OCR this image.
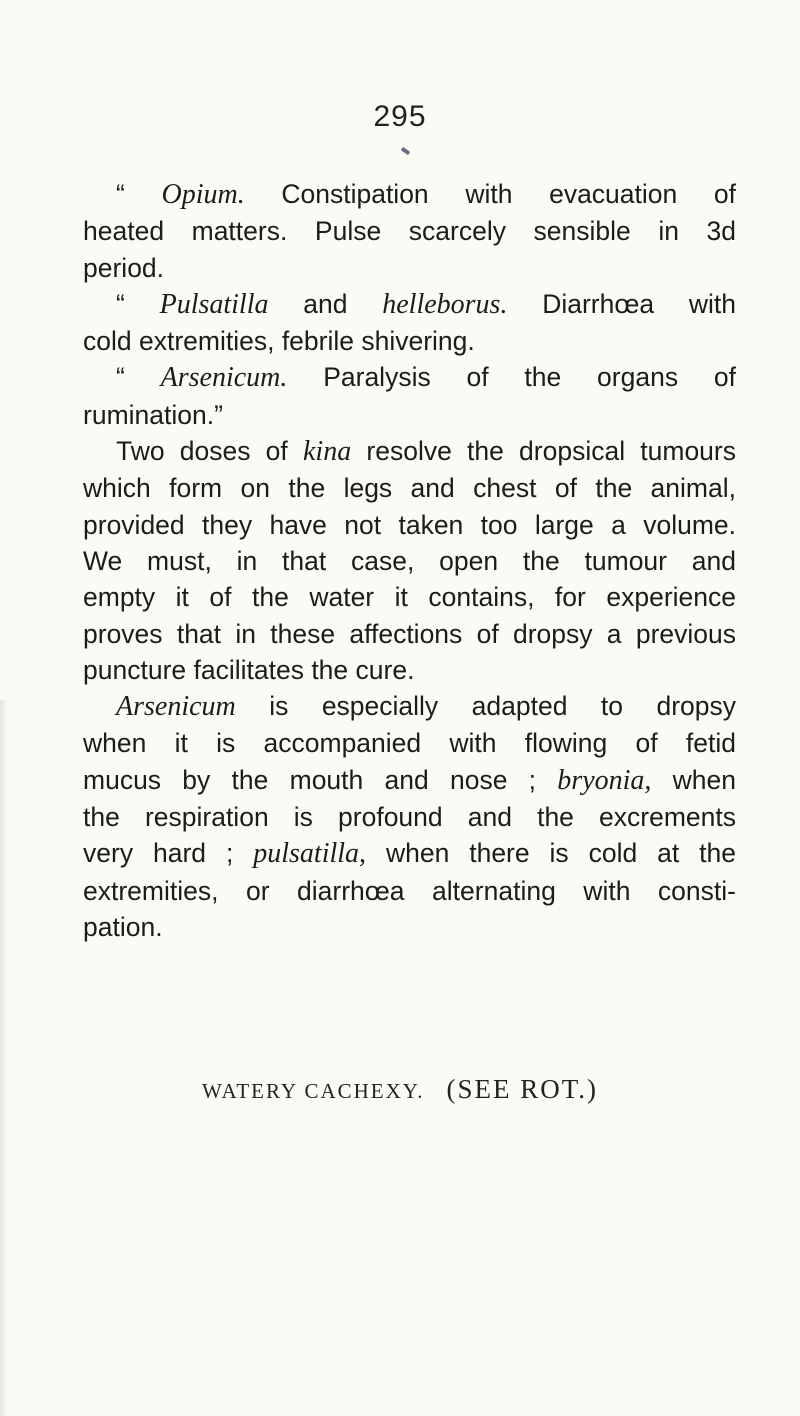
295
“ Opium. Constipation with evacuation of
heated matters. Pulse scarcely sensible in 3d
period.
“ Pulsatilla and helleborus. Diarrhœa with
cold extremities, febrile shivering.
“ Arsenicum. Paralysis of the organs of
rumination.”
Two doses of kina resolve the dropsical tumours
which form on the legs and chest of the animal,
provided they have not taken too large a volume.
We must, in that case, open the tumour and
empty it of the water it contains, for experience
proves that in these affections of dropsy a previous
puncture facilitates the cure.
Arsenicum is especially adapted to dropsy
when it is accompanied with flowing of fetid
mucus by the mouth and nose ; bryonia, when
the respiration is profound and the excrements
very hard ; pulsatilla, when there is cold at the
extremities, or diarrhœa alternating with consti-
pation.
WATERY CACHEXY. (SEE ROT.)
